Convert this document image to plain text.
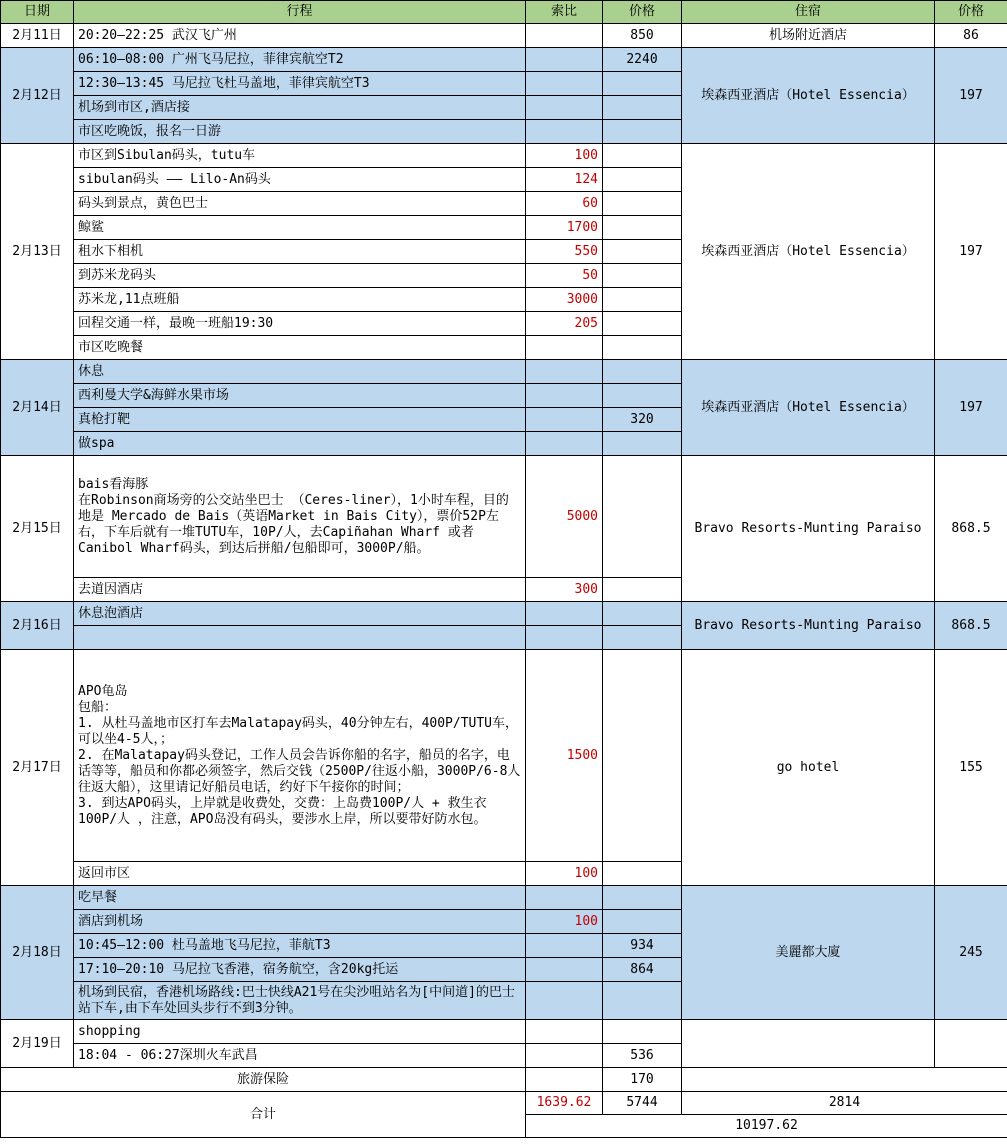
日期	行程	索比	价格	住宿	价格
2月11日	20:20—22:25 武汉飞广州		850	机场附近酒店	86
2月12日	06:10—08:00 广州飞马尼拉，菲律宾航空T2		2240	埃森西亚酒店（Hotel Essencia）	197
	12:30—13:45 马尼拉飞杜马盖地，菲律宾航空T3				
	机场到市区,酒店接				
	市区吃晚饭，报名一日游				
2月13日	市区到Sibulan码头，tutu车	100		埃森西亚酒店（Hotel Essencia）	197
	sibulan码头 —— Lilo-An码头	124			
	码头到景点，黄色巴士	60			
	鲸鲨	1700			
	租水下相机	550			
	到苏米龙码头	50			
	苏米龙,11点班船	3000			
	回程交通一样，最晚一班船19:30	205			
	市区吃晚餐				
2月14日	休息			埃森西亚酒店（Hotel Essencia）	197
	西利曼大学&海鲜水果市场				
	真枪打靶		320		
	做spa				
2月15日	bais看海豚
在Robinson商场旁的公交站坐巴士 （Ceres-liner），1小时车程，目的地是 Mercado de Bais（英语Market in Bais City），票价52P左右，下车后就有一堆TUTU车，10P/人，去Capiñahan Wharf 或者  Canibol Wharf码头，到达后拼船/包船即可，3000P/船。	5000		Bravo Resorts-Munting Paraiso	868.5
	去道因酒店	300			
2月16日	休息泡酒店			Bravo Resorts-Munting Paraiso	868.5

2月17日	APO龟岛
包船：
1. 从杜马盖地市区打车去Malatapay码头，40分钟左右，400P/TUTU车，可以坐4-5人，；
2. 在Malatapay码头登记，工作人员会告诉你船的名字，船员的名字，电话等等，船员和你都必须签字，然后交钱（2500P/往返小船，3000P/6-8人往返大船），这里请记好船员电话，约好下午接你的时间；
3. 到达APO码头，上岸就是收费处，交费：上岛费100P/人 + 救生衣100P/人 ，注意，APO岛没有码头，要涉水上岸，所以要带好防水包。	1500		go hotel	155
	返回市区	100			
2月18日	吃早餐			美麗都大廈	245
	酒店到机场	100			
	10:45—12:00 杜马盖地飞马尼拉，菲航T3		934		
	17:10—20:10 马尼拉飞香港，宿务航空，含20kg托运		864		
	机场到民宿，香港机场路线:巴士快线A21号在尖沙咀站名为[中间道]的巴士站下车,由下车处回头步行不到3分钟。				
2月19日	shopping				
	18:04 - 06:27深圳火车武昌		536		
旅游保险			170		
合计		1639.62	5744	2814	
		10197.62			
